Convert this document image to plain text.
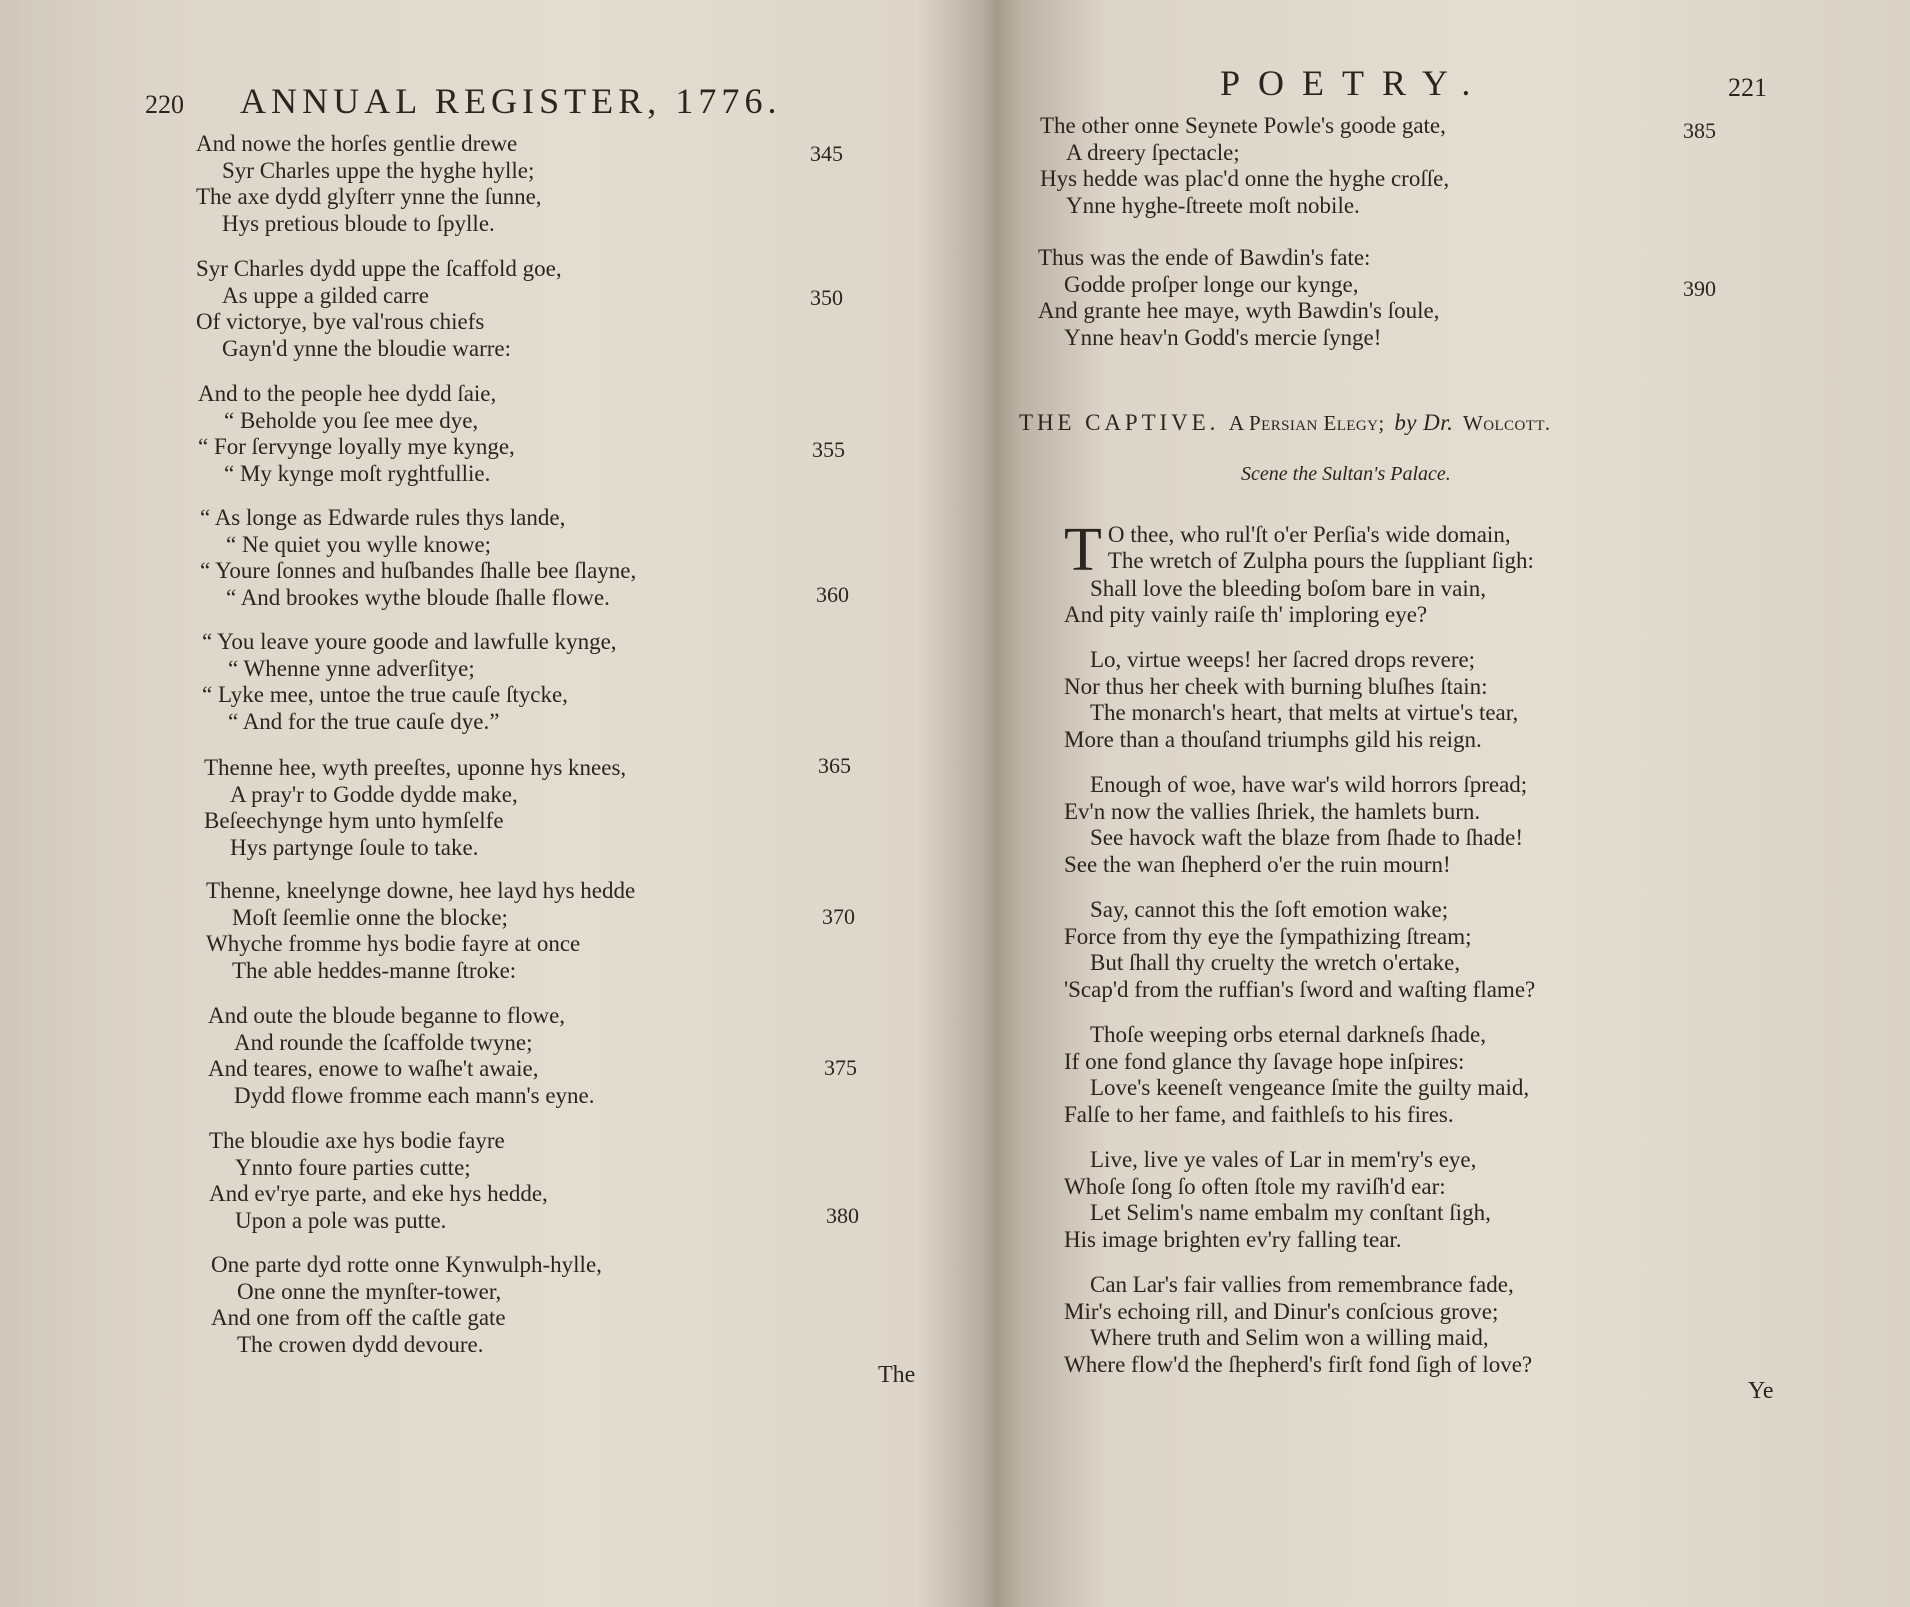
220 ANNUAL REGISTER, 1776.
And nowe the horſes gentlie drewe
Syr Charles uppe the hyghe hylle;
The axe dydd glyſterr ynne the ſunne,
Hys pretious bloude to ſpylle.
Syr Charles dydd uppe the ſcaffold goe,
As uppe a gilded carre
Of victorye, bye val'rous chiefs
Gayn'd ynne the bloudie warre:
And to the people hee dydd ſaie,
“ Beholde you ſee mee dye,
“ For ſervynge loyally mye kynge,
“ My kynge moſt ryghtfullie.
“ As longe as Edwarde rules thys lande,
“ Ne quiet you wylle knowe;
“ Youre ſonnes and huſbandes ſhalle bee ſlayne,
“ And brookes wythe bloude ſhalle flowe.
“ You leave youre goode and lawfulle kynge,
“ Whenne ynne adverſitye;
“ Lyke mee, untoe the true cauſe ſtycke,
“ And for the true cauſe dye.”
Thenne hee, wyth preeſtes, uponne hys knees,
A pray'r to Godde dydde make,
Beſeechynge hym unto hymſelfe
Hys partynge ſoule to take.
Thenne, kneelynge downe, hee layd hys hedde
Moſt ſeemlie onne the blocke;
Whyche fromme hys bodie fayre at once
The able heddes-manne ſtroke:
And oute the bloude beganne to flowe,
And rounde the ſcaffolde twyne;
And teares, enowe to waſhe't awaie,
Dydd flowe fromme each mann's eyne.
The bloudie axe hys bodie fayre
Ynnto foure parties cutte;
And ev'rye parte, and eke hys hedde,
Upon a pole was putte.
One parte dyd rotte onne Kynwulph-hylle,
One onne the mynſter-tower,
And one from off the caſtle gate
The crowen dydd devoure.
345
350
355
360
365
370
375
380
The
POETRY.	221
The other onne Seynete Powle's goode gate,
A dreery ſpectacle;
Hys hedde was plac'd onne the hyghe croſſe,
Ynne hyghe-ſtreete moſt nobile.
Thus was the ende of Bawdin's fate:
Godde proſper longe our kynge,
And grante hee maye, wyth Bawdin's ſoule,
Ynne heav'n Godd's mercie ſynge!
385
390
THE CAPTIVE. A Persian Elegy; by Dr. Wolcott.
Scene the Sultan's Palace.
T O thee, who rul'ſt o'er Perſia's wide domain,
The wretch of Zulpha pours the ſuppliant ſigh:
Shall love the bleeding boſom bare in vain,
And pity vainly raiſe th' imploring eye?
Lo, virtue weeps! her ſacred drops revere;
Nor thus her cheek with burning bluſhes ſtain:
The monarch's heart, that melts at virtue's tear,
More than a thouſand triumphs gild his reign.
Enough of woe, have war's wild horrors ſpread;
Ev'n now the vallies ſhriek, the hamlets burn.
See havock waft the blaze from ſhade to ſhade!
See the wan ſhepherd o'er the ruin mourn!
Say, cannot this the ſoft emotion wake;
Force from thy eye the ſympathizing ſtream;
But ſhall thy cruelty the wretch o'ertake,
'Scap'd from the ruffian's ſword and waſting flame?
Thoſe weeping orbs eternal darkneſs ſhade,
If one fond glance thy ſavage hope inſpires:
Love's keeneſt vengeance ſmite the guilty maid,
Falſe to her fame, and faithleſs to his fires.
Live, live ye vales of Lar in mem'ry's eye,
Whoſe ſong ſo often ſtole my raviſh'd ear:
Let Selim's name embalm my conſtant ſigh,
His image brighten ev'ry falling tear.
Can Lar's fair vallies from remembrance fade,
Mir's echoing rill, and Dinur's conſcious grove;
Where truth and Selim won a willing maid,
Where flow'd the ſhepherd's firſt fond ſigh of love?
Ye
